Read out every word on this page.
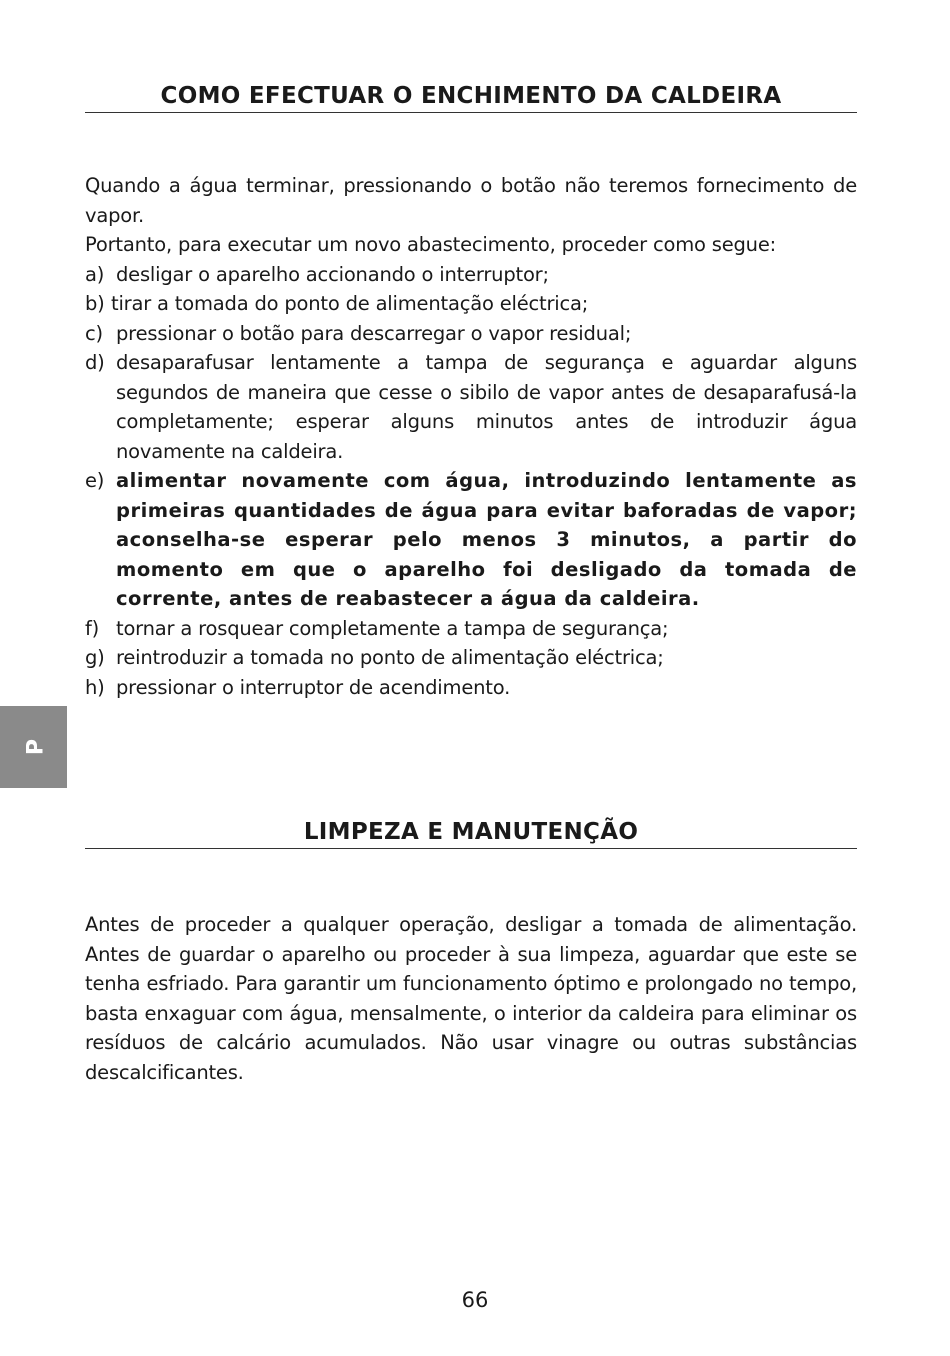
COMO EFECTUAR O ENCHIMENTO DA CALDEIRA

Quando a água terminar, pressionando o botão não teremos fornecimento de vapor.

Portanto, para executar um novo abastecimento, proceder como segue:

a) desligar o aparelho accionando o interruptor;
b) tirar a tomada do ponto de alimentação eléctrica;
c) pressionar o botão para descarregar o vapor residual;
d) desaparafusar lentamente a tampa de segurança e aguardar alguns segundos de maneira que cesse o sibilo de vapor antes de desaparafusá-la completamente; esperar alguns minutos antes de introduzir água novamente na caldeira.
e) alimentar novamente com água, introduzindo lentamente as primeiras quantidades de água para evitar baforadas de vapor; aconselha-se esperar pelo menos 3 minutos, a partir do momento em que o aparelho foi desligado da tomada de corrente, antes de reabastecer a água da caldeira.
f) tornar a rosquear completamente a tampa de segurança;
g) reintroduzir a tomada no ponto de alimentação eléctrica;
h) pressionar o interruptor de acendimento.
P
LIMPEZA E MANUTENÇÃO

Antes de proceder a qualquer operação, desligar a tomada de alimentação. Antes de guardar o aparelho ou proceder à sua limpeza, aguardar que este se tenha esfriado. Para garantir um funcionamento óptimo e prolongado no tempo, basta enxaguar com água, mensalmente, o interior da caldeira para eliminar os resíduos de calcário acumulados. Não usar vinagre ou outras substâncias descalcificantes.

66
